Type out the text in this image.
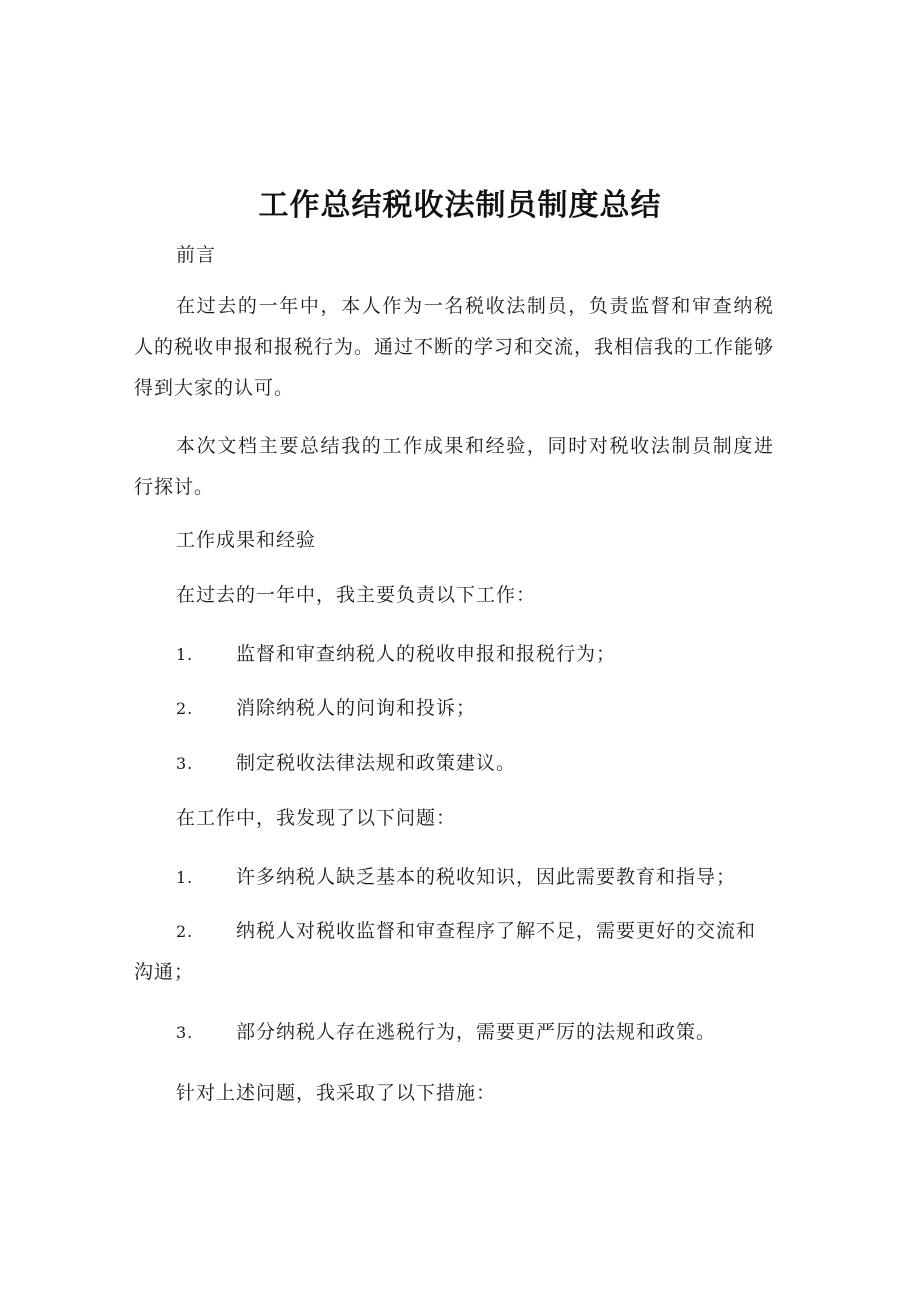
工作总结税收法制员制度总结
前言

在过去的一年中，本人作为一名税收法制员，负责监督和审查纳税人的税收申报和报税行为。通过不断的学习和交流，我相信我的工作能够得到大家的认可。

本次文档主要总结我的工作成果和经验，同时对税收法制员制度进行探讨。

工作成果和经验
在过去的一年中，我主要负责以下工作：
1.	监督和审查纳税人的税收申报和报税行为；
2.	消除纳税人的问询和投诉；
3.	制定税收法律法规和政策建议。
在工作中，我发现了以下问题：
1.	许多纳税人缺乏基本的税收知识，因此需要教育和指导；
2.	纳税人对税收监督和审查程序了解不足，需要更好的交流和沟通；
3.	部分纳税人存在逃税行为，需要更严厉的法规和政策。
针对上述问题，我采取了以下措施：
